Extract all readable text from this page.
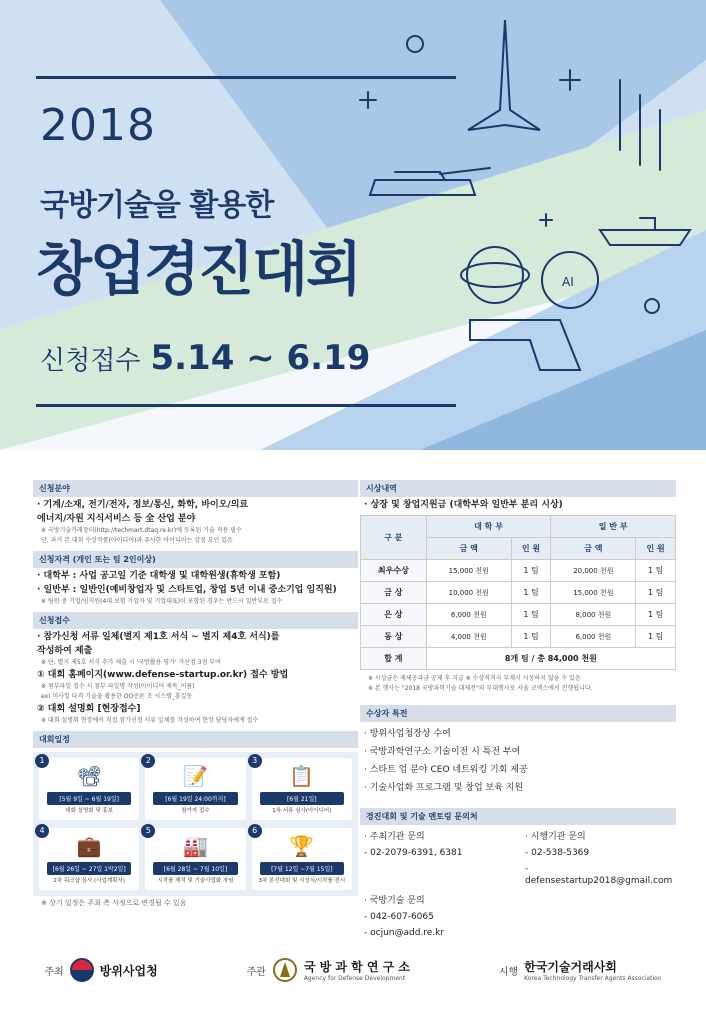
AI
2018
국방기술을 활용한
창업경진대회
신청접수 5.14 ~ 6.19
신청분야
· 기계/소재, 전기/전자, 정보/통신, 화학, 바이오/의료
에너지/자원 지식서비스 등 全 산업 분야
※ 국방기술거래장터(http://techmart.dtaq.re.kr)에 등록된 기술 적용 필수
단, 과거 본 대회 수상작품(아이디어)과 유사한 아이디어는 감점 요인 있음
신청자격 (개인 또는 팀 2인이상)
· 대학부 : 사업 공고일 기준 대학생 및 대학원생(휴학생 포함)
· 일반부 : 일반인(예비창업자 및 스타트업, 창업 5년 이내 중소기업 임직원)
※ 팀원 중 기업/임직원(4대 보험 가입자 및 기업대표)이 포함된 경우는 반드시 일반부로 접수
신청접수
· 참가신청 서류 일체(별지 제1호 서식 ~ 별지 제4호 서식)를
작성하여 제출
※ 단, 별지 제5호 서식 추가 제출 시 '국방활용 평가' 가산점 3점 부여
① 대회 홈페이지(www.defense-startup.or.kr) 접수 방법
※ 첨부파일 접수 시 첨부 파일명 작성(아이디어 제목_이름)
ex) 미사일 타격 기술을 활용한 OO공론 조 시스템_홍길동
② 대회 설명회 [현장접수]
※ 대회 설명회 현장에서 직접 참가신청 서류 일체를 작성하여 현장 담당자에게 접수
대회일정
1
📽
[5월 9일 ~ 6월 19일]
대회 설명회 및 홍보
2
📝
[6월 19일 24:00까지]
참가자 접수
3
📋
[6월 21일]
1차 서류 심사(아이디어)
4
💼
[6월 26일 ~ 27일 1박2일]
2차 워크샵 심사 (사업계획서)
5
🏭
[6월 28일 ~ 7월 10일]
시작품 제작 및 기술사업화 자원
6
🏆
[7월 12일 ~7월 15일]
3차 본선대회 및 시상식/시작품 전시
※ 상기 일정은 주최 측 사정으로 변경될 수 있음
시상내역
· 상장 및 창업지원금 (대학부와 일반부 분리 시상)
구 분	대 학 부		일 반 부	
	금 액	인 원	금 액	인 원
최우수상	15,000 천원	1 팀	20,000 천원	1 팀
금 상	10,000 천원	1 팀	15,000 천원	1 팀
은 상	6,000 천원	1 팀	8,000 천원	1 팀
동 상	4,000 천원	1 팀	6,000 천원	1 팀
합 계	8개 팀 / 총 84,000 천원			
※ 시상금은 제세공과금 공제 후 지급 ※ 수상적격자 부재시 시상하지 않을 수 있음
※ 본 행사는 "2018 국방과학기술 대제전"의 부대행사로 서울 코엑스에서 진행됩니다.
수상자 특전
· 방위사업청장상 수여
· 국방과학연구소 기술이전 시 특전 부여
· 스타트 업 분야 CEO 네트워킹 기회 제공
· 기술사업화 프로그램 및 창업 보육 지원
경진대회 및 기술 멘토링 문의처
· 주최기관 문의	· 시행기관 문의
- 02-2079-6391, 6381	- 02-538-5369
- defensestartup2018@gmail.com
· 국방기술 문의
- 042-607-6065
- ocjun@add.re.kr
주최	방위사업청	주관	국 방 과 학 연 구 소
Agency for Defense Development
시행 한국기술거래사회
Korea Technology Transfer Agents Association
